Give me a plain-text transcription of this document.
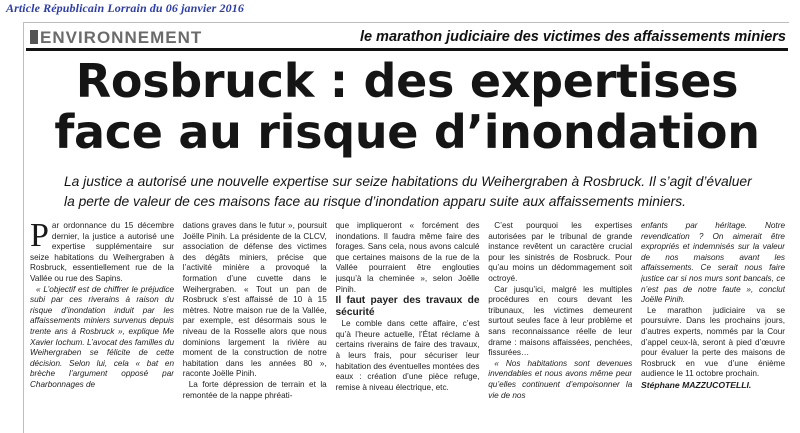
Article Républicain Lorrain du 06 janvier 2016
ENVIRONNEMENT	le marathon judiciaire des victimes des affaissements miniers
Rosbruck : des expertises
face au risque d’inondation
La justice a autorisé une nouvelle expertise sur seize habitations du Weihergraben à Rosbruck. Il s’agit d’évaluer la perte de valeur de ces maisons face au risque d’inondation apparu suite aux affaissements miniers.
P ar ordonnance du 15 décembre dernier, la justice a autorisé une expertise supplémentaire sur seize habitations du Weihergraben à Rosbruck, essentiellement rue de la Vallée ou rue des Sapins.

« L’objectif est de chiffrer le préjudice subi par ces riverains à raison du risque d’inondation induit par les affaissements miniers survenus depuis trente ans à Rosbruck », explique Me Xavier Iochum. L’avocat des familles du Weihergraben se félicite de cette décision. Selon lui, cela « bat en brèche l’argument opposé par Charbonnages de

dations graves dans le futur », poursuit Joëlle Pinih. La présidente de la CLCV, association de défense des victimes des dégâts miniers, précise que l’activité minière a provoqué la formation d’une cuvette dans le Weihergraben. « Tout un pan de Rosbruck s’est affaissé de 10 à 15 mètres. Notre maison rue de la Vallée, par exemple, est désormais sous le niveau de la Rosselle alors que nous dominions largement la rivière au moment de la construction de notre habitation dans les années 80 », raconte Joëlle Pinih.

La forte dépression de terrain et la remontée de la nappe phréati-

que impliqueront « forcément des inondations. Il faudra même faire des forages. Sans cela, nous avons calculé que certaines maisons de la rue de la Vallée pourraient être englouties jusqu’à la cheminée », selon Joëlle Pinih.

Il faut payer des travaux de sécurité

Le comble dans cette affaire, c’est qu’à l’heure actuelle, l’État réclame à certains riverains de faire des travaux, à leurs frais, pour sécuriser leur habitation des éventuelles montées des eaux : création d’une pièce refuge, remise à niveau électrique, etc.

C’est pourquoi les expertises autorisées par le tribunal de grande instance revêtent un caractère crucial pour les sinistrés de Rosbruck. Pour qu’au moins un dédommagement soit octroyé.

Car jusqu’ici, malgré les multiples procédures en cours devant les tribunaux, les victimes demeurent surtout seules face à leur problème et sans reconnaissance réelle de leur drame : maisons affaissées, penchées, fissurées…

« Nos habitations sont devenues invendables et nous avons même peur qu’elles continuent d’empoisonner la vie de nos

enfants par héritage. Notre revendication ? On aimerait être expropriés et indemnisés sur la valeur de nos maisons avant les affaissements. Ce serait nous faire justice car si nos murs sont bancals, ce n’est pas de notre faute », conclut Joëlle Pinih.

Le marathon judiciaire va se poursuivre. Dans les prochains jours, d’autres experts, nommés par la Cour d’appel ceux-là, seront à pied d’œuvre pour évaluer la perte des maisons de Rosbruck en vue d’une énième audience le 11 octobre prochain.

Stéphane MAZZUCOTELLI.
